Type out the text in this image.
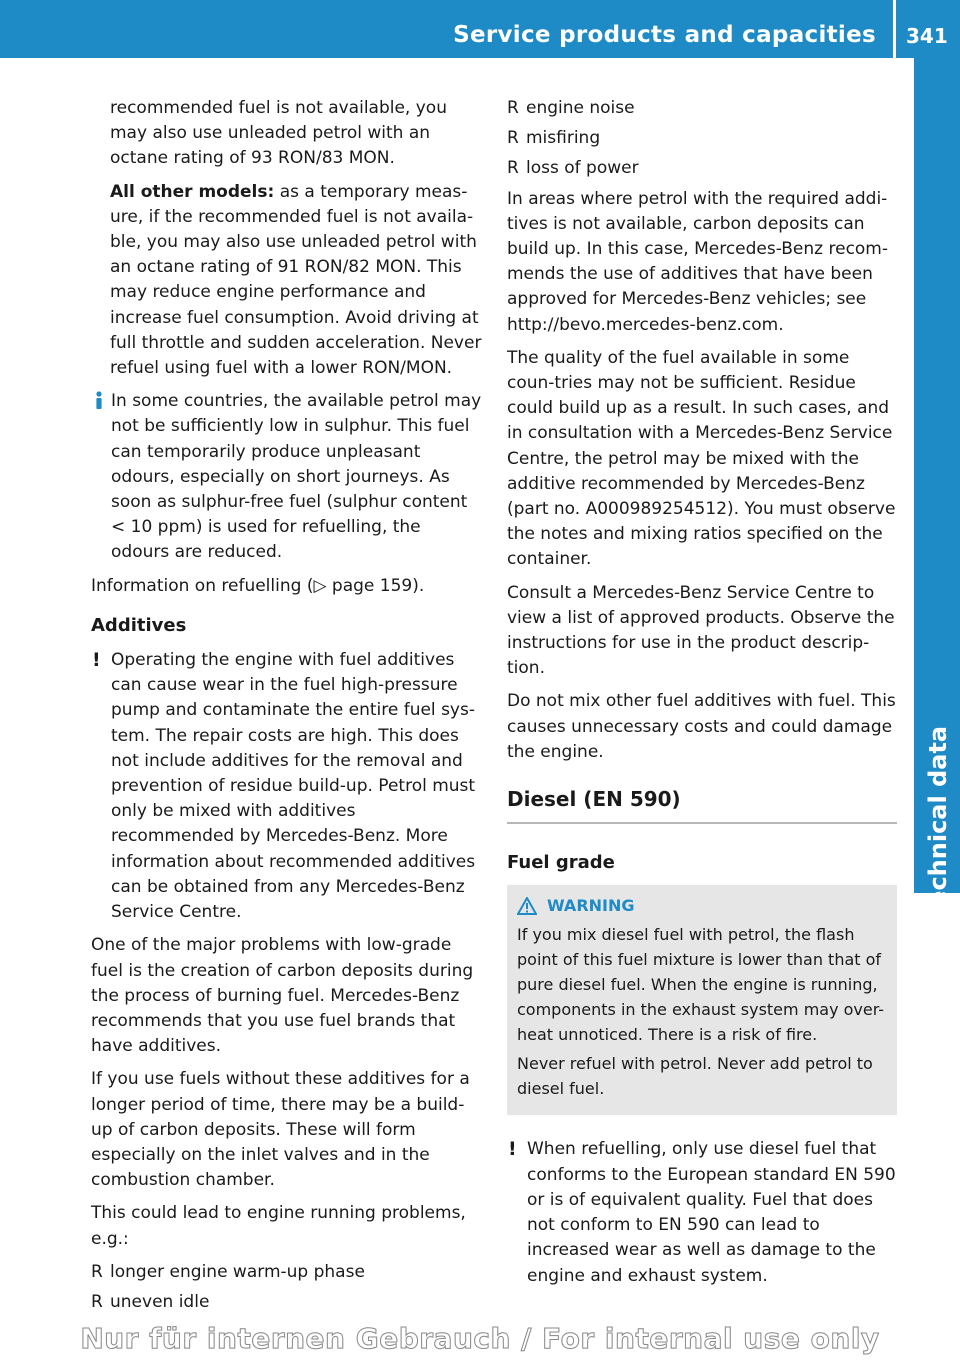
Service products and capacities 341
Technical data

recommended fuel is not available, you may also use unleaded petrol with an octane rating of 93 RON/83 MON.

All other models: as a temporary meas-ure, if the recommended fuel is not availa-ble, you may also use unleaded petrol with an octane rating of 91 RON/82 MON. This may reduce engine performance and increase fuel consumption. Avoid driving at full throttle and sudden acceleration. Never refuel using fuel with a lower RON/MON.

In some countries, the available petrol may not be sufficiently low in sulphur. This fuel can temporarily produce unpleasant odours, especially on short journeys. As soon as sulphur-free fuel (sulphur content < 10 ppm) is used for refuelling, the odours are reduced.

Information on refuelling (▷ page 159).

Additives
! Operating the engine with fuel additives can cause wear in the fuel high-pressure pump and contaminate the entire fuel sys-tem. The repair costs are high. This does not include additives for the removal and prevention of residue build-up. Petrol must only be mixed with additives recommended by Mercedes-Benz. More information about recommended additives can be obtained from any Mercedes-Benz Service Centre.

One of the major problems with low-grade fuel is the creation of carbon deposits during the process of burning fuel. Mercedes-Benz recommends that you use fuel brands that have additives.

If you use fuels without these additives for a longer period of time, there may be a build-up of carbon deposits. These will form especially on the inlet valves and in the combustion chamber.

This could lead to engine running problems, e.g.:

R longer engine warm-up phase
R uneven idle
R engine noise
R misfiring
R loss of power

In areas where petrol with the required addi-tives is not available, carbon deposits can build up. In this case, Mercedes-Benz recom-mends the use of additives that have been approved for Mercedes-Benz vehicles; see http://bevo.mercedes-benz.com.

The quality of the fuel available in some coun-tries may not be sufficient. Residue could build up as a result. In such cases, and in consultation with a Mercedes-Benz Service Centre, the petrol may be mixed with the additive recommended by Mercedes-Benz (part no. A000989254512). You must observe the notes and mixing ratios specified on the container.

Consult a Mercedes-Benz Service Centre to view a list of approved products. Observe the instructions for use in the product descrip-tion.

Do not mix other fuel additives with fuel. This causes unnecessary costs and could damage the engine.

Diesel (EN 590)
Fuel grade
WARNING

If you mix diesel fuel with petrol, the flash point of this fuel mixture is lower than that of pure diesel fuel. When the engine is running, components in the exhaust system may over-heat unnoticed. There is a risk of fire.

Never refuel with petrol. Never add petrol to diesel fuel.

! When refuelling, only use diesel fuel that conforms to the European standard EN 590 or is of equivalent quality. Fuel that does not conform to EN 590 can lead to increased wear as well as damage to the engine and exhaust system.
Nur für internen Gebrauch / For internal use only
